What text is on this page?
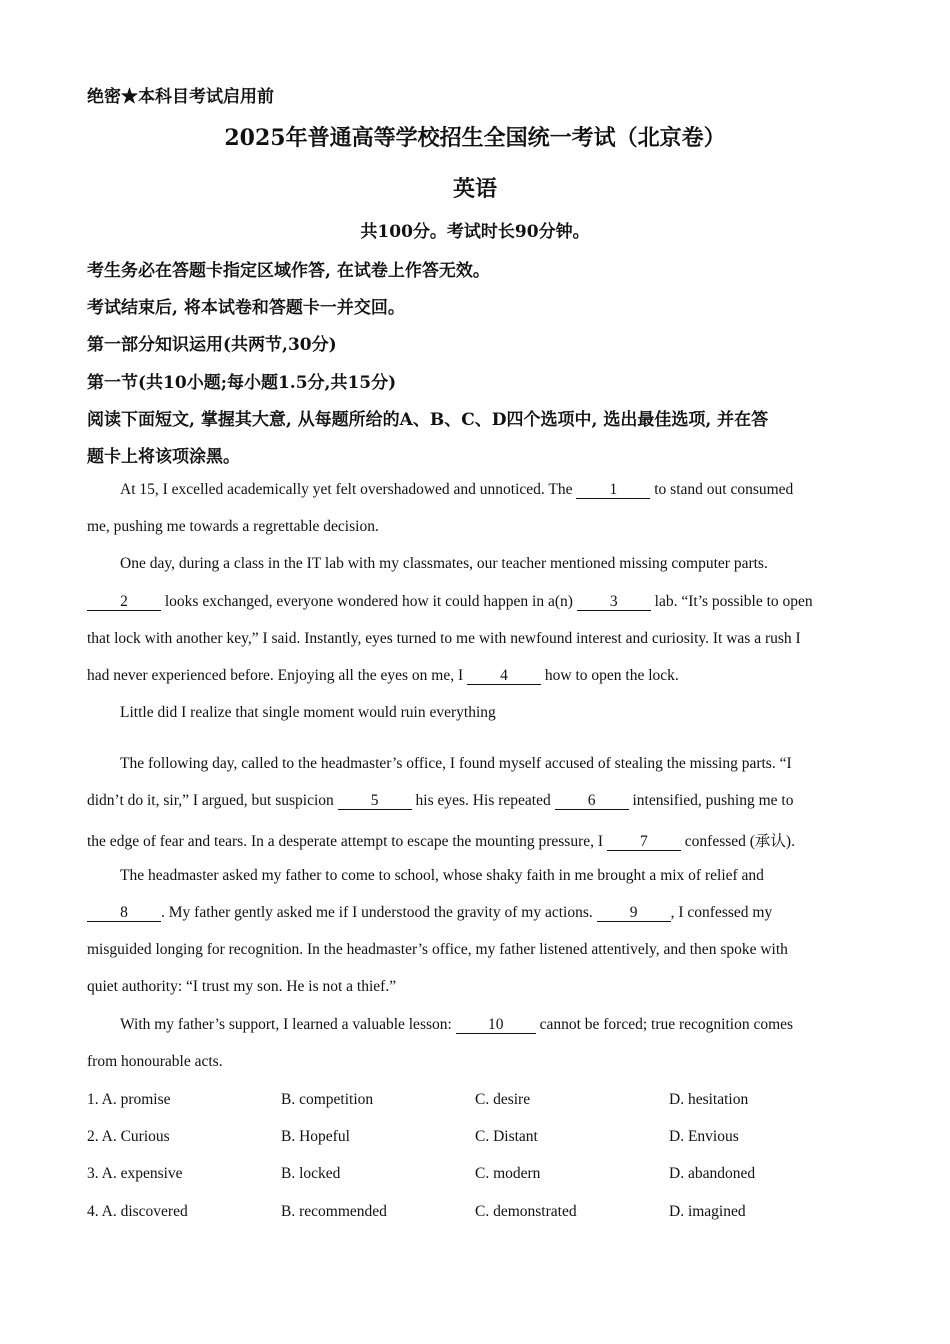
绝密★本科目考试启用前
2025年普通高等学校招生全国统一考试（北京卷）
英语
共100分。考试时长90分钟。
考生务必在答题卡指定区域作答, 在试卷上作答无效。
考试结束后, 将本试卷和答题卡一并交回。
第一部分知识运用(共两节,30分)
第一节(共10小题;每小题1.5分,共15分)
阅读下面短文, 掌握其大意, 从每题所给的A、B、C、D四个选项中, 选出最佳选项, 并在答
题卡上将该项涂黑。
At 15, I excelled academically yet felt overshadowed and unnoticed. The 1 to stand out consumed
me, pushing me towards a regrettable decision.
One day, during a class in the IT lab with my classmates, our teacher mentioned missing computer parts.
2 looks exchanged, everyone wondered how it could happen in a(n) 3 lab. “It’s possible to open
that lock with another key,” I said. Instantly, eyes turned to me with newfound interest and curiosity. It was a rush I
had never experienced before. Enjoying all the eyes on me, I 4 how to open the lock.
Little did I realize that single moment would ruin everything
The following day, called to the headmaster’s office, I found myself accused of stealing the missing parts. “I
didn’t do it, sir,” I argued, but suspicion 5 his eyes. His repeated 6 intensified, pushing me to
the edge of fear and tears. In a desperate attempt to escape the mounting pressure, I 7 confessed (承认).
The headmaster asked my father to come to school, whose shaky faith in me brought a mix of relief and
8 . My father gently asked me if I understood the gravity of my actions. 9 , I confessed my
misguided longing for recognition. In the headmaster’s office, my father listened attentively, and then spoke with
quiet authority: “I trust my son. He is not a thief.”
With my father’s support, I learned a valuable lesson: 10 cannot be forced; true recognition comes
from honourable acts.
1. A. promise	B. competition	C. desire	D. hesitation
2. A. Curious	B. Hopeful	C. Distant	D. Envious
3. A. expensive	B. locked	C. modern	D. abandoned
4. A. discovered	B. recommended	C. demonstrated	D. imagined
